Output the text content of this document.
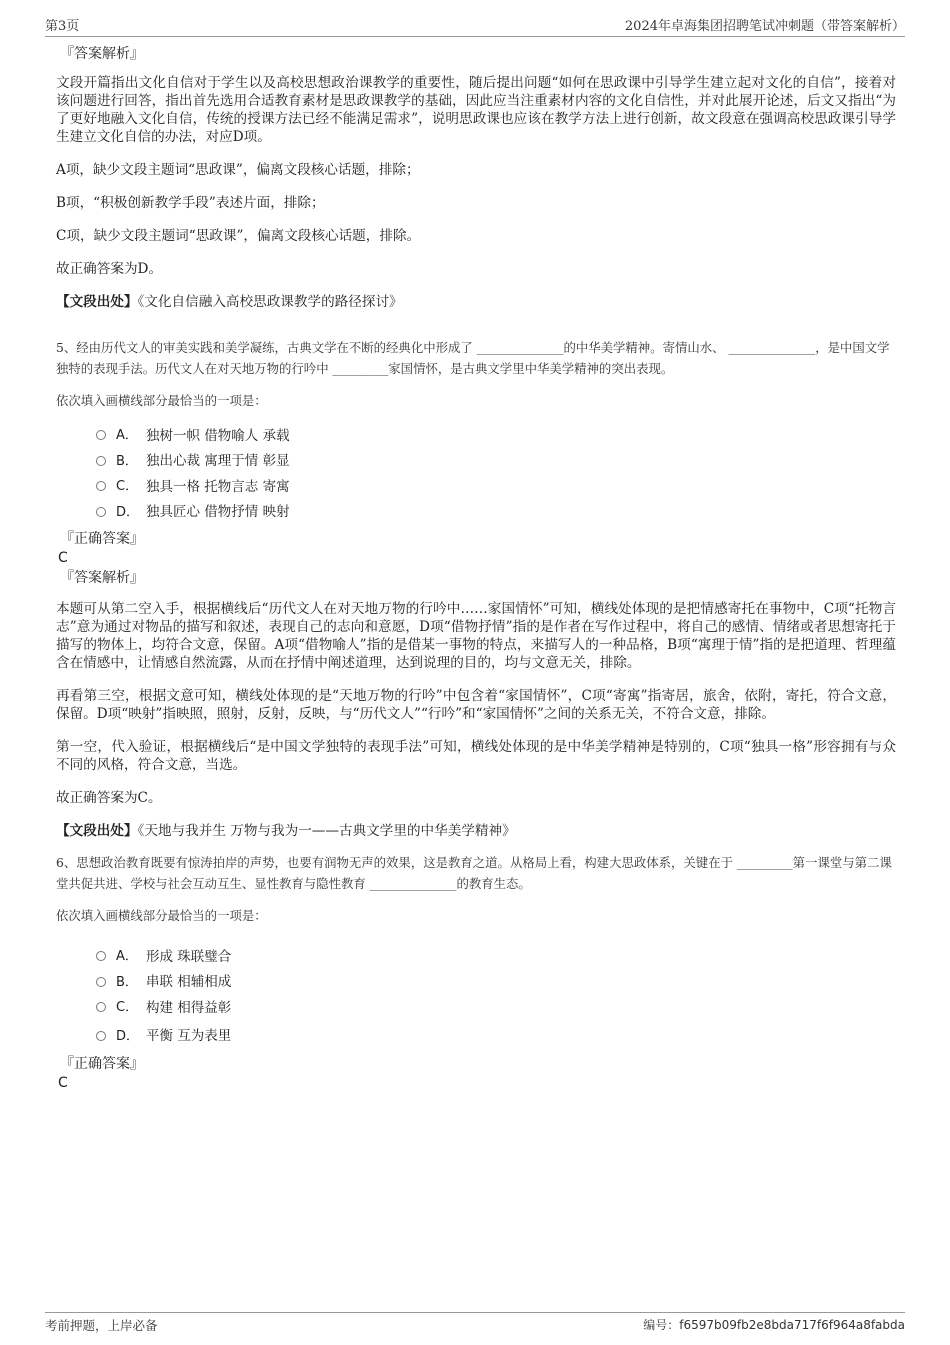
第3页	2024年卓海集团招聘笔试冲刺题（带答案解析）
『答案解析』

文段开篇指出文化自信对于学生以及高校思想政治课教学的重要性，随后提出问题“如何在思政课中引导学生建立起对文化的自信”，接着对该问题进行回答，指出首先选用合适教育素材是思政课教学的基础，因此应当注重素材内容的文化自信性，并对此展开论述，后文又指出“为了更好地融入文化自信，传统的授课方法已经不能满足需求”，说明思政课也应该在教学方法上进行创新，故文段意在强调高校思政课引导学生建立文化自信的办法，对应D项。

A项，缺少文段主题词“思政课”，偏离文段核心话题，排除；

B项，“积极创新教学手段”表述片面，排除；

C项，缺少文段主题词“思政课”，偏离文段核心话题，排除。

故正确答案为D。

【文段出处】《文化自信融入高校思政课教学的路径探讨》

5、经由历代文人的审美实践和美学凝练，古典文学在不断的经典化中形成了 ______________的中华美学精神。寄情山水、 ______________，是中国文学独特的表现手法。历代文人在对天地万物的行吟中 _________家国情怀，是古典文学里中华美学精神的突出表现。

依次填入画横线部分最恰当的一项是：

A． 独树一帜 借物喻人 承载
B． 独出心裁 寓理于情 彰显
C． 独具一格 托物言志 寄寓
D． 独具匠心 借物抒情 映射
『正确答案』
C
『答案解析』

本题可从第二空入手，根据横线后“历代文人在对天地万物的行吟中……家国情怀”可知，横线处体现的是把情感寄托在事物中，C项“托物言志”意为通过对物品的描写和叙述，表现自己的志向和意愿，D项“借物抒情”指的是作者在写作过程中，将自己的感情、情绪或者思想寄托于描写的物体上，均符合文意，保留。A项“借物喻人”指的是借某一事物的特点，来描写人的一种品格，B项“寓理于情”指的是把道理、哲理蕴含在情感中，让情感自然流露，从而在抒情中阐述道理，达到说理的目的，均与文意无关，排除。

再看第三空，根据文意可知，横线处体现的是“天地万物的行吟”中包含着“家国情怀”，C项“寄寓”指寄居，旅舍，依附，寄托，符合文意，保留。D项“映射”指映照，照射，反射，反映，与“历代文人”“行吟”和“家国情怀”之间的关系无关，不符合文意，排除。

第一空，代入验证，根据横线后“是中国文学独特的表现手法”可知，横线处体现的是中华美学精神是特别的，C项“独具一格”形容拥有与众不同的风格，符合文意，当选。

故正确答案为C。

【文段出处】《天地与我并生 万物与我为一——古典文学里的中华美学精神》

6、思想政治教育既要有惊涛拍岸的声势，也要有润物无声的效果，这是教育之道。从格局上看，构建大思政体系，关键在于 _________第一课堂与第二课堂共促共进、学校与社会互动互生、显性教育与隐性教育 ______________的教育生态。

依次填入画横线部分最恰当的一项是：

A． 形成 珠联璧合
B． 串联 相辅相成
C． 构建 相得益彰
D． 平衡 互为表里
『正确答案』
C
考前押题，上岸必备	编号：f6597b09fb2e8bda717f6f964a8fabda
